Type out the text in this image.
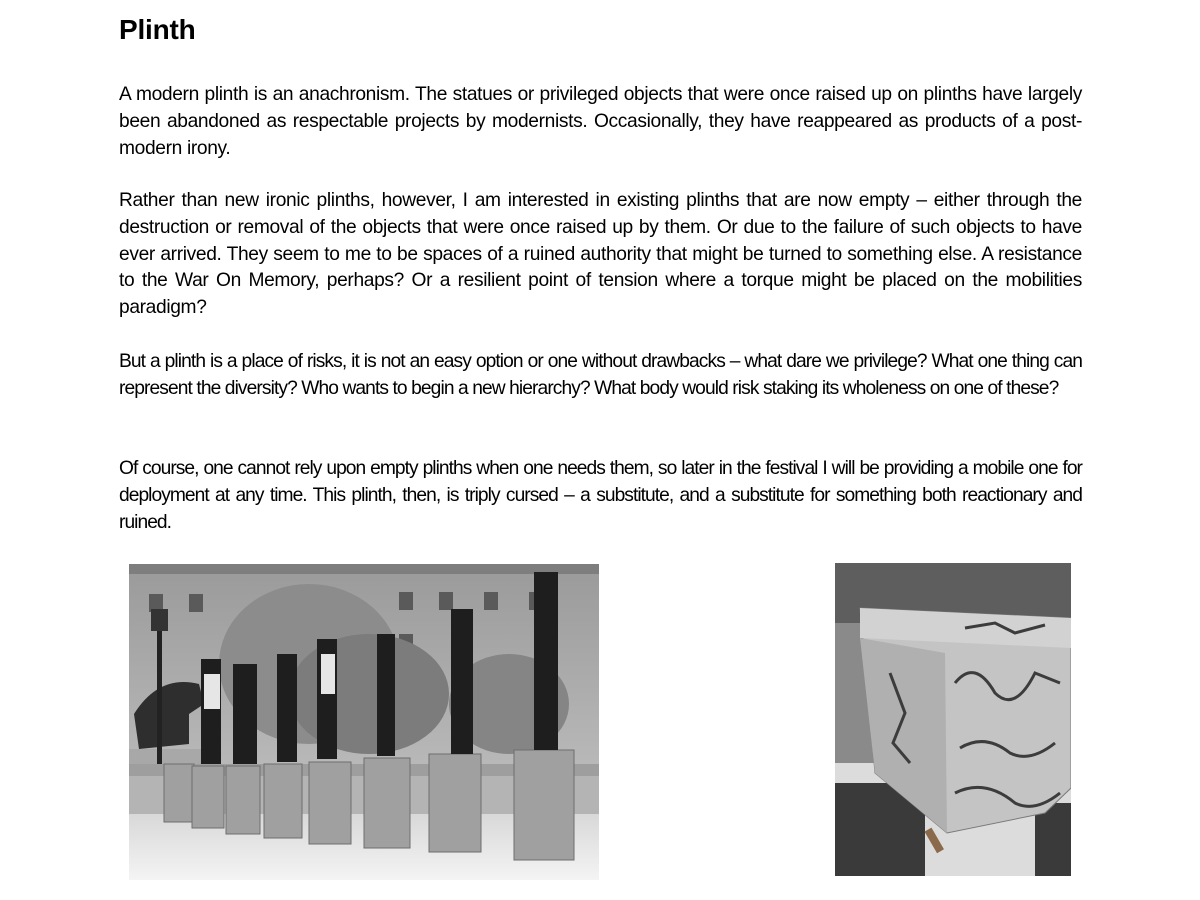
Plinth

A modern plinth is an anachronism. The statues or privileged objects that were once raised up on plinths have largely been abandoned as respectable projects by modernists. Occasionally, they have reappeared as products of a post-modern irony.

Rather than new ironic plinths, however, I am interested in existing plinths that are now empty – either through the destruction or removal of the objects that were once raised up by them. Or due to the failure of such objects to have ever arrived. They seem to me to be spaces of a ruined authority that might be turned to something else. A resistance to the War On Memory, perhaps? Or a resilient point of tension where a torque might be placed on the mobilities paradigm?

But a plinth is a place of risks, it is not an easy option or one without drawbacks – what dare we privilege? What one thing can represent the diversity? Who wants to begin a new hierarchy? What body would risk staking its wholeness on one of these?

Of course, one cannot rely upon empty plinths when one needs them, so later in the festival I will be providing a mobile one for deployment at any time. This plinth, then, is triply cursed – a substitute, and a substitute for something both reactionary and ruined.
